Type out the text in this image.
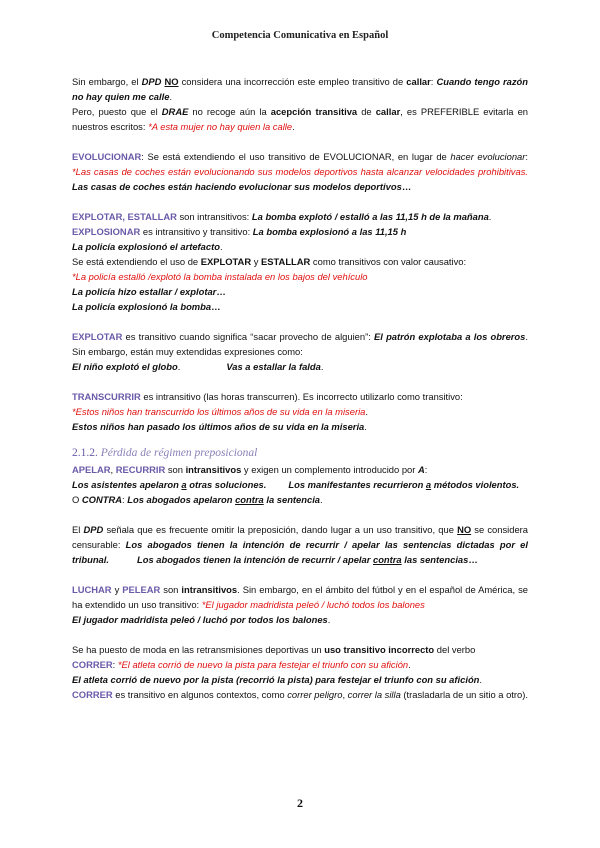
Competencia Comunicativa en Español

Sin embargo, el DPD NO considera una incorrección este empleo transitivo de callar: Cuando tengo razón no hay quien me calle.

Pero, puesto que el DRAE no recoge aún la acepción transitiva de callar, es PREFERIBLE evitarla en nuestros escritos: *A esta mujer no hay quien la calle.

EVOLUCIONAR: Se está extendiendo el uso transitivo de EVOLUCIONAR, en lugar de hacer evolucionar: *Las casas de coches están evolucionando sus modelos deportivos hasta alcanzar velocidades prohibitivas. Las casas de coches están haciendo evolucionar sus modelos deportivos…

EXPLOTAR, ESTALLAR son intransitivos: La bomba explotó / estalló a las 11,15 h de la mañana.

EXPLOSIONAR es intransitivo y transitivo: La bomba explosionó a las 11,15 h

La policía explosionó el artefacto.

Se está extendiendo el uso de EXPLOTAR y ESTALLAR como transitivos con valor causativo:

*La policía estalló /explotó la bomba instalada en los bajos del vehículo

La policía hizo estallar / explotar…

La policía explosionó la bomba…

EXPLOTAR es transitivo cuando significa “sacar provecho de alguien”: El patrón explotaba a los obreros. Sin embargo, están muy extendidas expresiones como:

El niño explotó el globo.	Vas a estallar la falda.

TRANSCURRIR es intransitivo (las horas transcurren). Es incorrecto utilizarlo como transitivo:

*Estos niños han transcurrido los últimos años de su vida en la miseria.

Estos niños han pasado los últimos años de su vida en la miseria.

2.1.2. Pérdida de régimen preposicional

APELAR, RECURRIR son intransitivos y exigen un complemento introducido por A:

Los asistentes apelaron a otras soluciones. Los manifestantes recurrieron a métodos violentos.

O CONTRA: Los abogados apelaron contra la sentencia.

El DPD señala que es frecuente omitir la preposición, dando lugar a un uso transitivo, que NO se considera censurable: Los abogados tienen la intención de recurrir / apelar las sentencias dictadas por el tribunal.	Los abogados tienen la intención de recurrir / apelar contra las sentencias…

LUCHAR y PELEAR son intransitivos. Sin embargo, en el ámbito del fútbol y en el español de América, se ha extendido un uso transitivo: *El jugador madridista peleó / luchó todos los balones

El jugador madridista peleó / luchó por todos los balones.

Se ha puesto de moda en las retransmisiones deportivas un uso transitivo incorrecto del verbo

CORRER: *El atleta corrió de nuevo la pista para festejar el triunfo con su afición.

El atleta corrió de nuevo por la pista (recorrió la pista) para festejar el triunfo con su afición.

CORRER es transitivo en algunos contextos, como correr peligro, correr la silla (trasladarla de un sitio a otro).

2
